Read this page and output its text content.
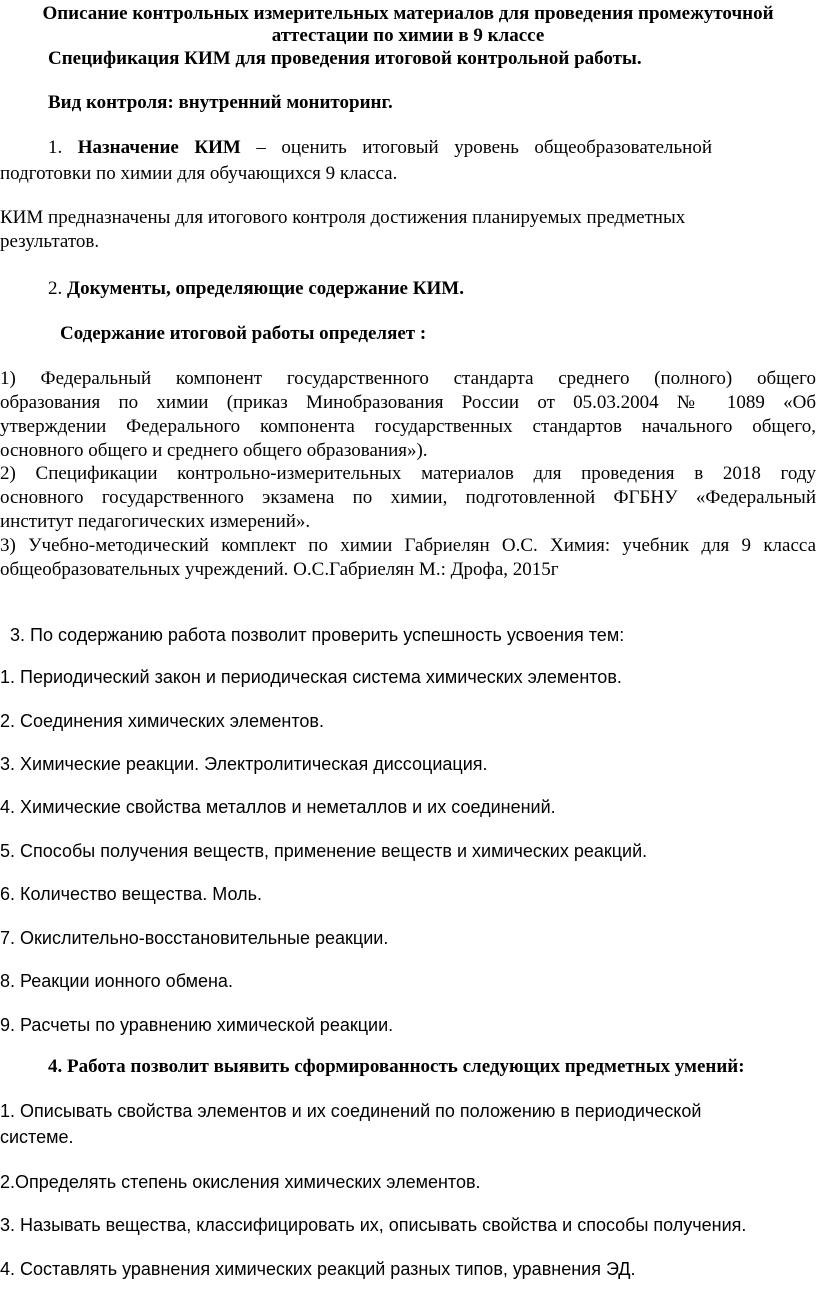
Описание контрольных измерительных материалов для проведения промежуточной
аттестации по химии в 9 классе
Спецификация КИМ для проведения итоговой контрольной работы.
Вид контроля: внутренний мониторинг.
1. Назначение КИМ – оценить итоговый уровень общеобразовательной
подготовки по химии для обучающихся 9 класса.
КИМ предназначены для итогового контроля достижения планируемых предметных
результатов.
2. Документы, определяющие содержание КИМ.
Содержание итоговой работы определяет :
1) Федеральный компонент государственного стандарта среднего (полного) общего
образования по химии (приказ Минобразования России от 05.03.2004 № 1089 «Об
утверждении Федерального компонента государственных стандартов начального общего,
основного общего и среднего общего образования»).
2) Спецификации контрольно-измерительных материалов для проведения в 2018 году
основного государственного экзамена по химии, подготовленной ФГБНУ «Федеральный
институт педагогических измерений».
3) Учебно-методический комплект по химии Габриелян О.С. Химия: учебник для 9 класса
общеобразовательных учреждений. О.С.Габриелян М.: Дрофа, 2015г
3. По содержанию работа позволит проверить успешность усвоения тем:
1. Периодический закон и периодическая система химических элементов.
2. Соединения химических элементов.
3. Химические реакции. Электролитическая диссоциация.
4. Химические свойства металлов и неметаллов и их соединений.
5. Способы получения веществ, применение веществ и химических реакций.
6. Количество вещества. Моль.
7. Окислительно-восстановительные реакции.
8. Реакции ионного обмена.
9. Расчеты по уравнению химической реакции.
4. Работа позволит выявить сформированность следующих предметных умений:
1. Описывать свойства элементов и их соединений по положению в периодической
системе.
2.Определять степень окисления химических элементов.
3. Называть вещества, классифицировать их, описывать свойства и способы получения.
4. Составлять уравнения химических реакций разных типов, уравнения ЭД.
